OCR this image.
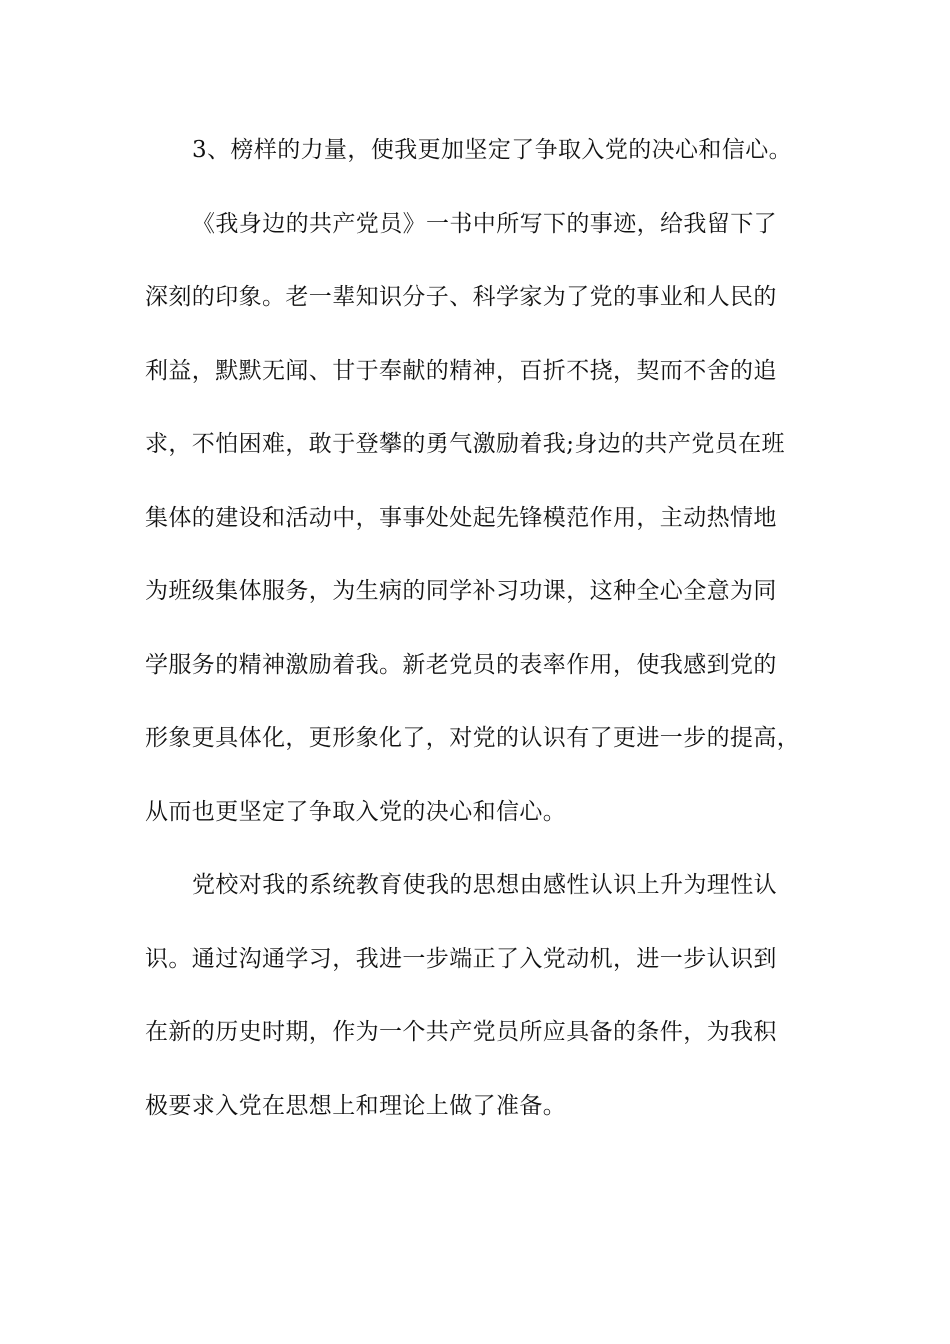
3、榜样的力量，使我更加坚定了争取入党的决心和信心。
《我身边的共产党员》一书中所写下的事迹，给我留下了
深刻的印象。老一辈知识分子、科学家为了党的事业和人民的
利益，默默无闻、甘于奉献的精神，百折不挠，契而不舍的追
求，不怕困难，敢于登攀的勇气激励着我;身边的共产党员在班
集体的建设和活动中，事事处处起先锋模范作用，主动热情地
为班级集体服务，为生病的同学补习功课，这种全心全意为同
学服务的精神激励着我。新老党员的表率作用，使我感到党的
形象更具体化，更形象化了，对党的认识有了更进一步的提高，
从而也更坚定了争取入党的决心和信心。
党校对我的系统教育使我的思想由感性认识上升为理性认
识。通过沟通学习，我进一步端正了入党动机，进一步认识到
在新的历史时期，作为一个共产党员所应具备的条件，为我积
极要求入党在思想上和理论上做了准备。
